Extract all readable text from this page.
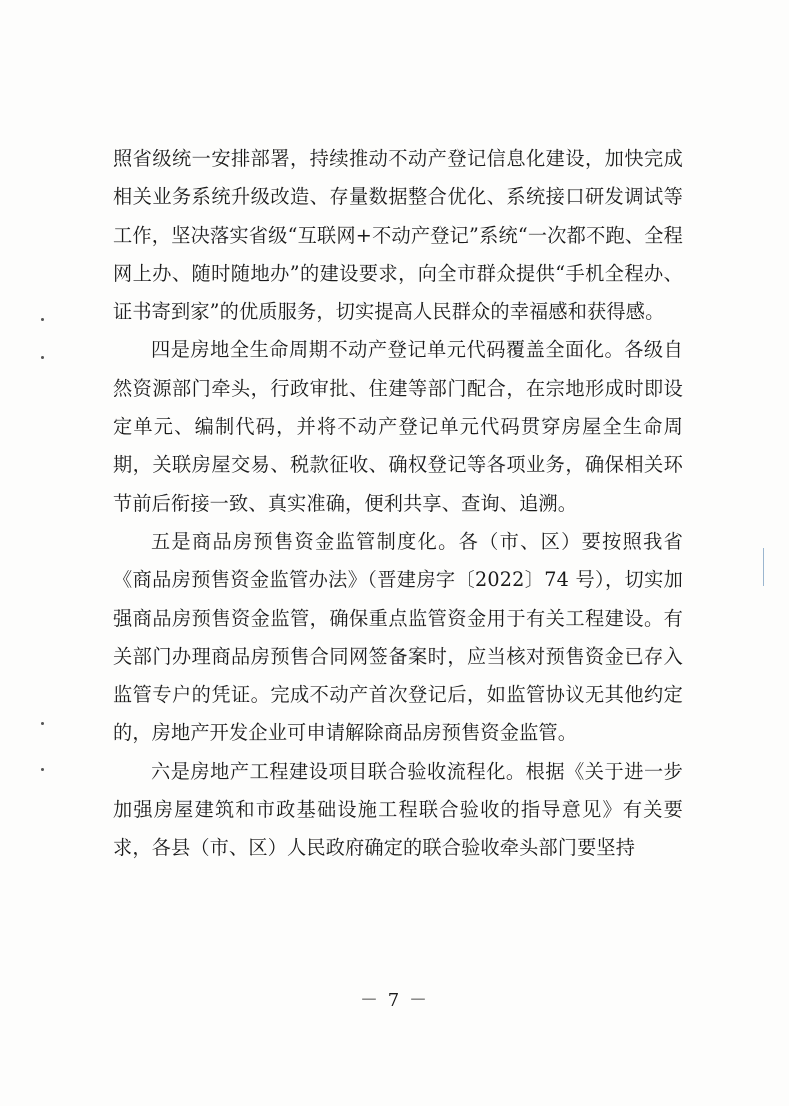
照省级统一安排部署，持续推动不动产登记信息化建设，加快完成相关业务系统升级改造、存量数据整合优化、系统接口研发调试等工作，坚决落实省级“互联网+不动产登记”系统“一次都不跑、全程网上办、随时随地办”的建设要求，向全市群众提供“手机全程办、证书寄到家”的优质服务，切实提高人民群众的幸福感和获得感。

四是房地全生命周期不动产登记单元代码覆盖全面化。各级自然资源部门牵头，行政审批、住建等部门配合，在宗地形成时即设定单元、编制代码，并将不动产登记单元代码贯穿房屋全生命周期，关联房屋交易、税款征收、确权登记等各项业务，确保相关环节前后衔接一致、真实准确，便利共享、查询、追溯。

五是商品房预售资金监管制度化。各（市、区）要按照我省《商品房预售资金监管办法》（晋建房字〔2022〕74 号），切实加强商品房预售资金监管，确保重点监管资金用于有关工程建设。有关部门办理商品房预售合同网签备案时，应当核对预售资金已存入监管专户的凭证。完成不动产首次登记后，如监管协议无其他约定的，房地产开发企业可申请解除商品房预售资金监管。

六是房地产工程建设项目联合验收流程化。根据《关于进一步加强房屋建筑和市政基础设施工程联合验收的指导意见》有关要求，各县（市、区）人民政府确定的联合验收牵头部门要坚持

－ 7 －
